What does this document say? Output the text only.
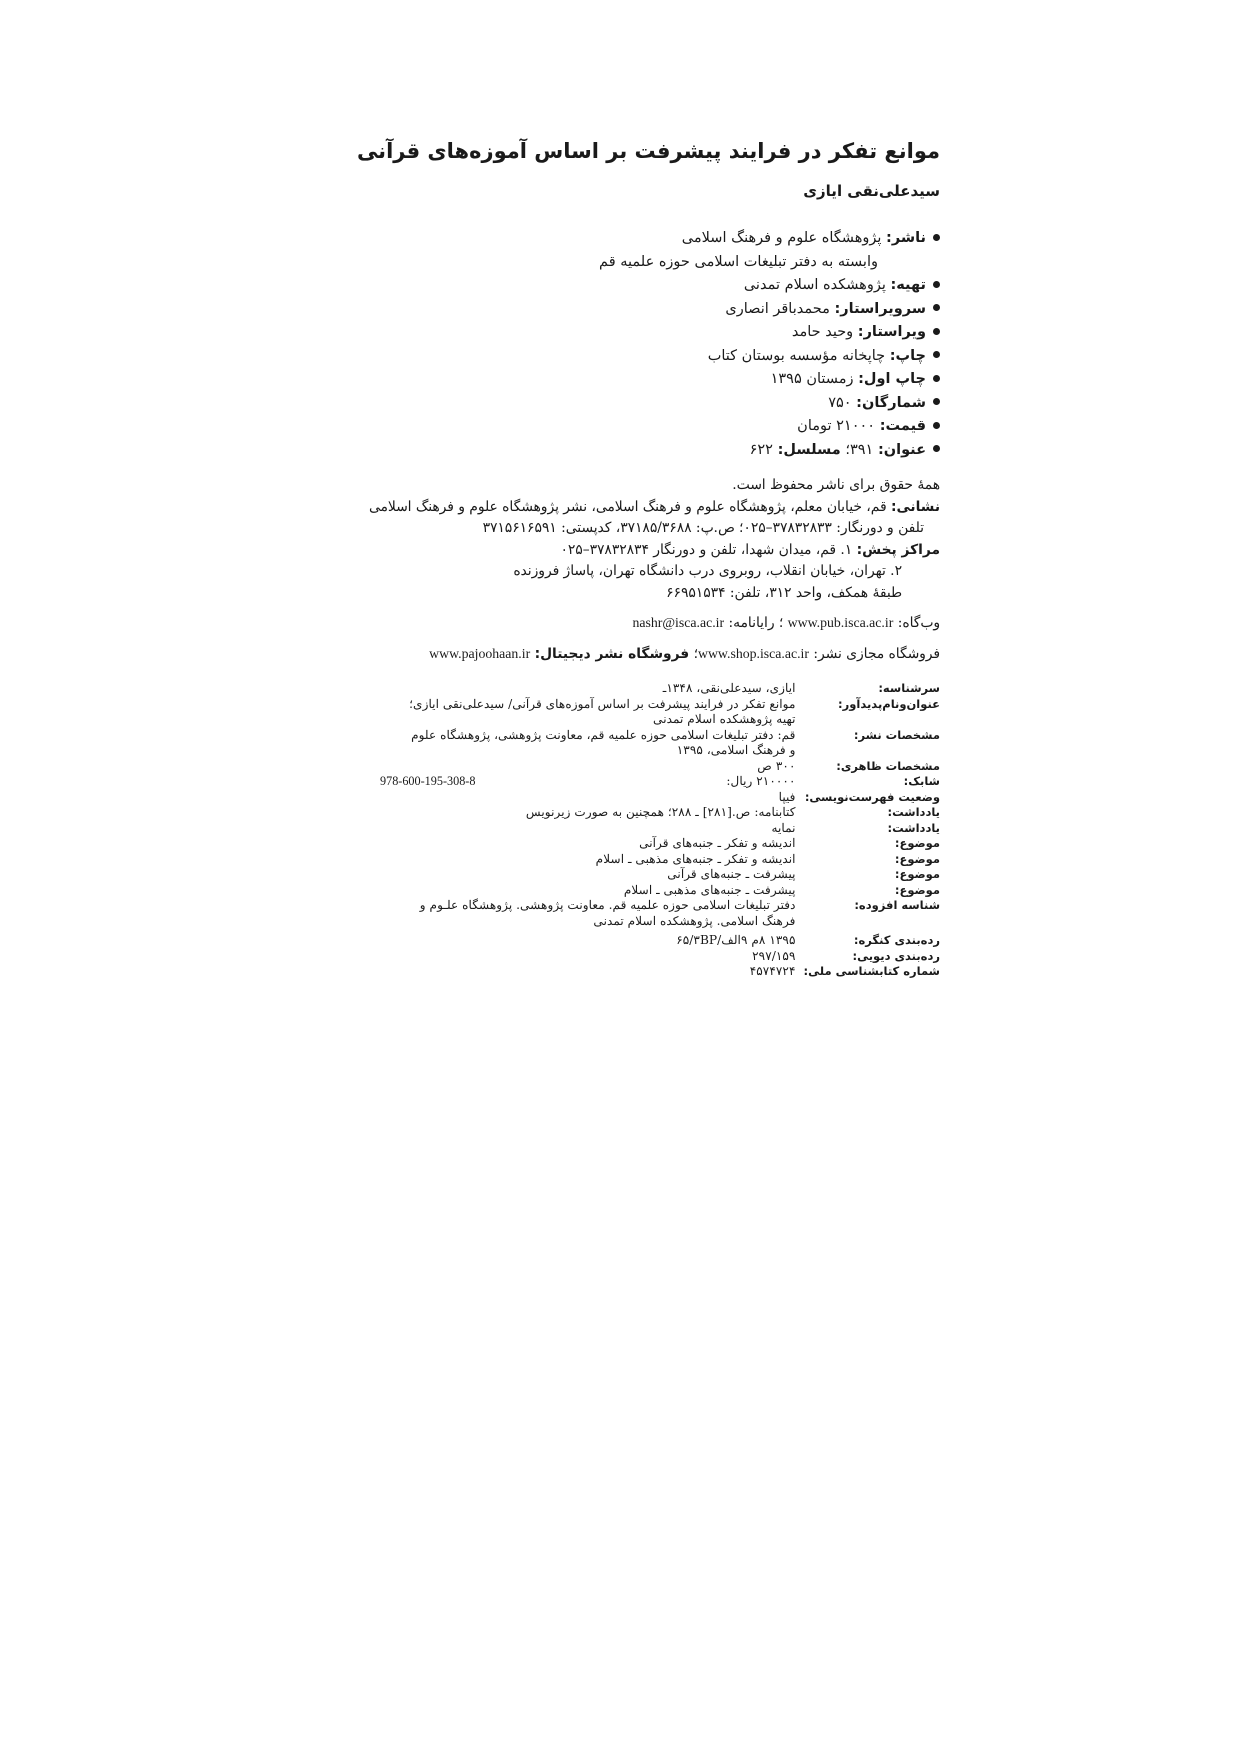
موانع تفکر در فرایند پیشرفت بر اساس آموزه‌های قرآنی
سیدعلی‌نقی ایازی
ناشر: پژوهشگاه علوم و فرهنگ اسلامی
وابسته به دفتر تبلیغات اسلامی حوزه علمیه قم
تهیه: پژوهشکده اسلام تمدنی
سرویراستار: محمدباقر انصاری
ویراستار: وحید حامد
چاپ: چاپخانه مؤسسه بوستان کتاب
چاپ اول: زمستان ۱۳۹۵
شمارگان: ۷۵۰
قیمت: ۲۱۰۰۰ تومان
عنوان: ۳۹۱؛ مسلسل: ۶۲۲
همهٔ حقوق برای ناشر محفوظ است.
نشانی: قم، خیابان معلم، پژوهشگاه علوم و فرهنگ اسلامی، نشر پژوهشگاه علوم و فرهنگ اسلامی
تلفن و دورنگار: ۳۷۸۳۲۸۳۳–۰۲۵؛ ص.پ: ۳۷۱۸۵/۳۶۸۸، کدپستی: ۳۷۱۵۶۱۶۵۹۱
مراکز پخش: ۱. قم، میدان شهدا، تلفن و دورنگار ۳۷۸۳۲۸۳۴–۰۲۵
۲. تهران، خیابان انقلاب، روبروی درب دانشگاه تهران، پاساژ فروزنده
طبقهٔ همکف، واحد ۳۱۲، تلفن: ۶۶۹۵۱۵۳۴
وب‌گاه: www.pub.isca.ac.ir ؛ رایانامه: nashr@isca.ac.ir
فروشگاه مجازی نشر: www.shop.isca.ac.ir؛ فروشگاه نشر دیجیتال: www.pajoohaan.ir
سرشناسه:	ایازی، سیدعلی‌نقی، ۱۳۴۸ـ

عنوان‌ونام‌پدیدآور:	موانع تفکر در فرایند پیشرفت بر اساس آموزه‌های قرآنی/ سیدعلی‌نقی ایازی؛
تهیه پژوهشکده اسلام تمدنی

مشخصات نشر:	قم: دفتر تبلیغات اسلامی حوزه علمیه قم، معاونت پژوهشی، پژوهشگاه علوم
و فرهنگ اسلامی، ۱۳۹۵

مشخصات ظاهری:	۳۰۰ ص

شابک:	۲۱۰۰۰۰ ریال:
978-600-195-308-8

وضعیت فهرست‌نویسی:	فیپا

یادداشت:	کتابنامه: ص.[۲۸۱] ـ ۲۸۸؛ همچنین به صورت زیرنویس

یادداشت:	نمایه

موضوع:	اندیشه و تفکر ـ جنبه‌های قرآنی

موضوع:	اندیشه و تفکر ـ جنبه‌های مذهبی ـ اسلام

موضوع:	پیشرفت ـ جنبه‌های قرآنی

موضوع:	پیشرفت ـ جنبه‌های مذهبی ـ اسلام

شناسه افزوده:	دفتر تبلیغات اسلامی حوزه علمیه قم. معاونت پژوهشی. پژوهشگاه علـوم و
فرهنگ اسلامی. پژوهشکده اسلام تمدنی

رده‌بندی کنگره:	۱۳۹۵ ۸م ۹الف/۶۵/۳BP

رده‌بندی دیویی:	۲۹۷/۱۵۹

شماره کتابشناسی ملی:	۴۵۷۴۷۲۴
